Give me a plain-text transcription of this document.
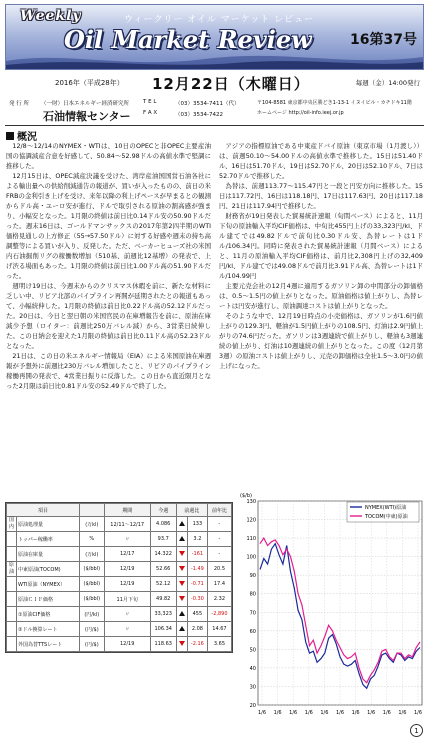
Weekly	ウィークリー オイル マーケット レビュー
Oil Market Review	16第37号
2016年（平成28年） 12月22日（木曜日）	毎週（金）14:00発行
発 行 所 （一財）日本エネルギー経済研究所
石油情報センター
T E L	（03）3534-7411（代）
F A X	（03）3534-7422
〒104-8581 東京都中央区勝どき1-13-1 イヌイビル・カチドキ11階
ホームページ http://oil-info.ieej.or.jp
概況

12/8～12/14のNYMEX・WTIは、10日のOPECと非OPEC主要産油国の協調減産合意を好感して、50.84～52.98ドルの高値水準で堅調に推移した。

12月15日は、OPEC減産決議を受けた、湾岸産油国国営石油各社による輸出量への供給削減通告の報道が、買いが入ったものの、前日の米FRBの金利引き上げを受け、来年以降の利上げペースが早まるとの観測からドル高・ユーロ安が進行、ドルで取引される原油の割高感が強まり、小幅安となった。1月限の終値は前日比0.14ドル安の50.90ドルだった。週末16日は、ゴールドマンサックスの2017年第2四半期のWTI価格見通しの上方修正（55→57.50ドル）に対する好感や週末の持ち高調整等による買いが入り、反発した。ただ、ベーカーヒューズ社の米国内石油掘削リグの稼働数増加（510基、前週比12基増）の発表で、上げ渋る場面もあった。1月限の終値は前日比1.00ドル高の51.90ドルだった。

週明け19日は、今週末からのクリスマス休暇を前に、新たな材料に乏しい中、リビア北部のパイプライン再開が延期されたとの報道もあって、小幅続伸した。1月限の終値は前日比0.22ドル高の52.12ドルだった。20日は、今日と翌日朝の米国官民の在庫増報告を前に、原油在庫減少予想（ロイター：前週比250万バレル減）から、3営業日続伸した。この日納会を迎えた1月限の終値は前日比0.11ドル高の52.23ドルとなった。

21日は、この日の米エネルギー情報局（EIA）による米国原油在庫週報が予想外に前週比230万バレル増加したこと、リビアのパイプライン稼働再開の発表で、4営業日振りに反落した。この日から直近限月となった2月限は前日比0.81ドル安の52.49ドルで終了した。

アジアの指標原油である中東産ドバイ原油（東京市場（1月渡し））は、前週50.10～54.00ドルの高値水準で推移した。15日は51.40ドル、16日は51.70ドル、19日は52.70ドル、20日は52.10ドル、7日は52.70ドルで推移した。

為替は、前週113.77～115.47円と一段と円安方向に推移した。15日は117.72円、16日は118.18円、17日は117.63円、20日は117.18円、21日は117.94円で推移した。

財務省が19日発表した貿易統計速報（旬間ベース）によると、11月下旬の原油輸入平均CIF価格は、中旬比455円上げの33,323円/kl、ドル建てでは49.82ドルで前旬比0.30ドル安、為替レートは1ドル/106.34円。同時に発表された貿易統計速報（月間ベース）によると、11月の原油輸入平均CIF価格は、前月比2,308円上げの32,409円/kl、ドル建てでは49.08ドルで前月比3.91ドル高、為替レートは1ドル/104.99円

主要元売会社の12月4週に適用するガソリン卸の中間部分の卸価格は、0.5～1.5円の値上がりとなった。原油価格は値上がりし、為替レートは円安が進行し、原油調達コストは値上がりとなった。

そのような中で、12月19日時点の小売価格は、ガソリンが1.6円値上がりの129.3円、軽油が1.5円値上がりの108.5円、灯油は2.9円値上がりの74.6円だった。ガソリンは3週連続で値上がりし、軽油も3週連続の値上がり、灯油は10週連続の値上がりとなった。この度（12月第3週）の原油コストは値上がりし、元売の卸価格は全社1.5～3.0円の値上げになった。

項目			期間	今週	前週比		前年比
国内	原油処理量	(万kl)	12/11～12/17	4.086		133	-
	トッパー稼働率	%	〃	93.7		3.2	-
	原油在庫量	(万kl)	12/17	14.322		-161	-
原油	中東原油(TOCOM)	($/bbl)	12/19	52.66		-1.49	20.5
	WTI原油（NYMEX）	($/bbl)	12/19	52.12		-0.71	17.4
	原油ＣＩＦ価格	($/bbl)	11月下旬	49.82		-0.30	2.32
	①原油CIF価格	(円/kl)	〃	33,323		455	-2,890
	②ドル換算レート	(円/$)	〃	106.34		2.08	14.67
	外国為替TTSレート	(円/$)	12/19	118.63		-2.16	3.65
20
30
40
50
60
70
80
90
100
110
120
130
($/b)
1/6 1/6 1/6 1/6 1/6 1/6 1/6 1/6 1/6 1/6 1/6
NYMEX(WTI)原油
TOCOM(中東)原油
1
